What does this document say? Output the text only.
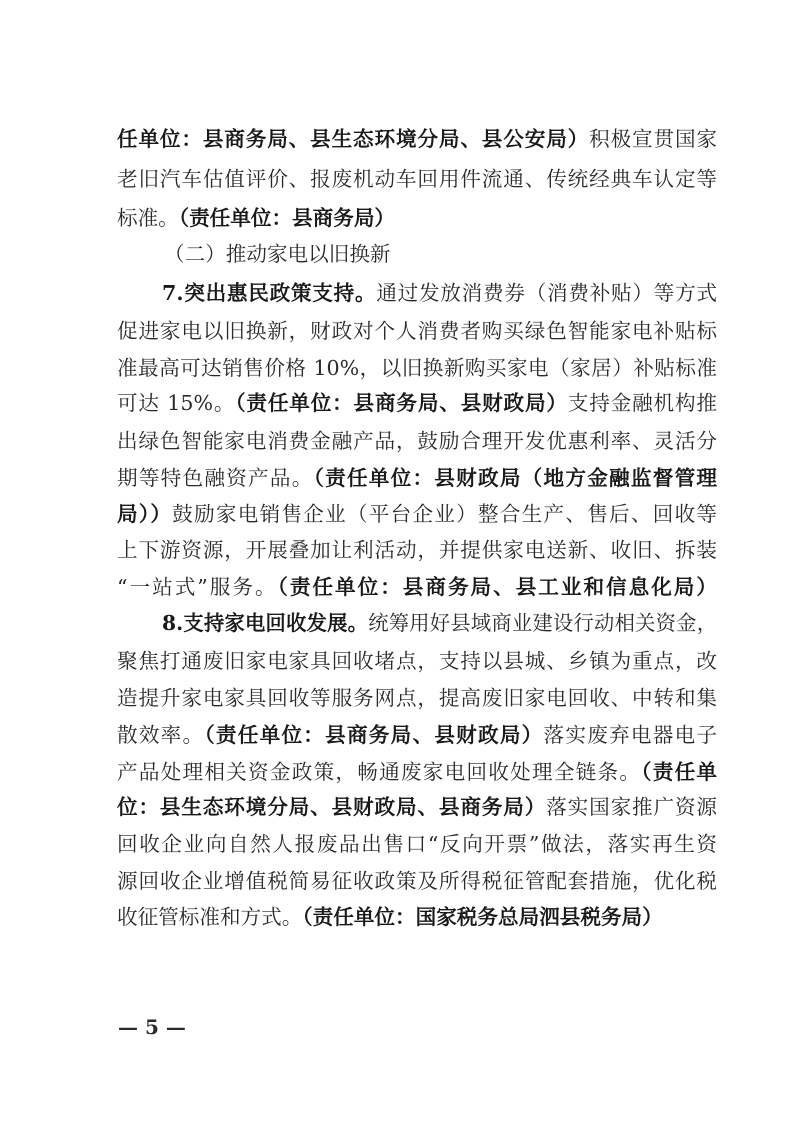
任单位：县商务局、县生态环境分局、县公安局）积极宣贯国家
老旧汽车估值评价、报废机动车回用件流通、传统经典车认定等
标准。（责任单位：县商务局）
（二）推动家电以旧换新
7.突出惠民政策支持。通过发放消费券（消费补贴）等方式
促进家电以旧换新，财政对个人消费者购买绿色智能家电补贴标
准最高可达销售价格 10%，以旧换新购买家电（家居）补贴标准
可达 15%。（责任单位：县商务局、县财政局）支持金融机构推
出绿色智能家电消费金融产品，鼓励合理开发优惠利率、灵活分
期等特色融资产品。（责任单位：县财政局（地方金融监督管理
局））鼓励家电销售企业（平台企业）整合生产、售后、回收等
上下游资源，开展叠加让利活动，并提供家电送新、收旧、拆装
“一站式”服务。（责任单位：县商务局、县工业和信息化局）
8.支持家电回收发展。统筹用好县域商业建设行动相关资金，
聚焦打通废旧家电家具回收堵点，支持以县城、乡镇为重点，改
造提升家电家具回收等服务网点，提高废旧家电回收、中转和集
散效率。（责任单位：县商务局、县财政局）落实废弃电器电子
产品处理相关资金政策，畅通废家电回收处理全链条。（责任单
位：县生态环境分局、县财政局、县商务局）落实国家推广资源
回收企业向自然人报废品出售口“反向开票”做法，落实再生资
源回收企业增值税简易征收政策及所得税征管配套措施，优化税
收征管标准和方式。（责任单位：国家税务总局泗县税务局）
— 5 —
